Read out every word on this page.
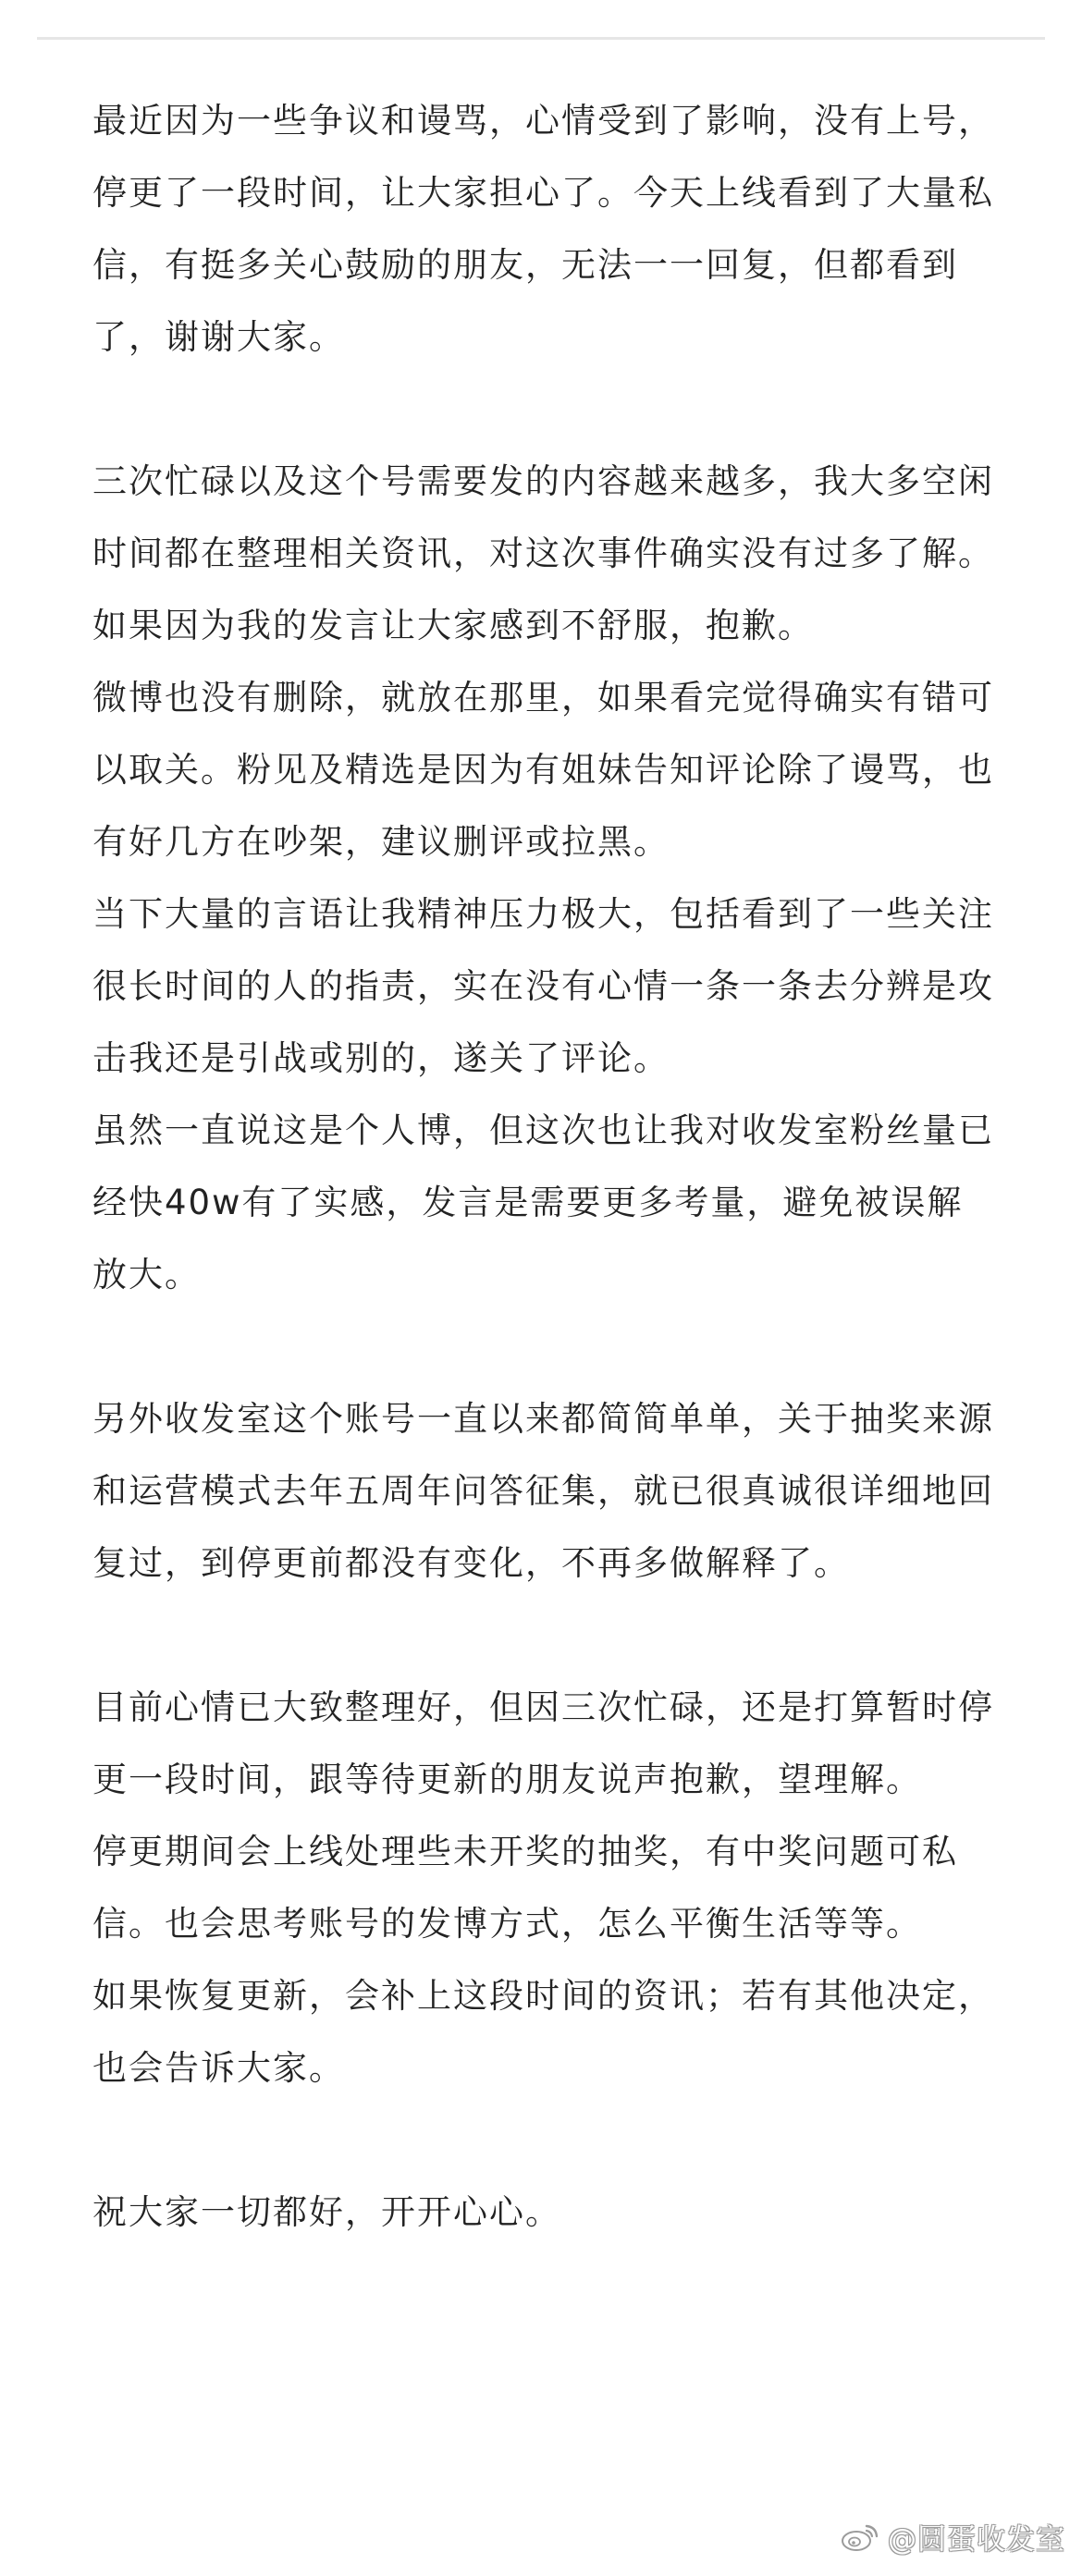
最近因为一些争议和谩骂，心情受到了影响，没有上号，停更了一段时间，让大家担心了。今天上线看到了大量私信，有挺多关心鼓励的朋友，无法一一回复，但都看到了，谢谢大家。

三次忙碌以及这个号需要发的内容越来越多，我大多空闲时间都在整理相关资讯，对这次事件确实没有过多了解。如果因为我的发言让大家感到不舒服，抱歉。

微博也没有删除，就放在那里，如果看完觉得确实有错可以取关。粉见及精选是因为有姐妹告知评论除了谩骂，也有好几方在吵架，建议删评或拉黑。

当下大量的言语让我精神压力极大，包括看到了一些关注很长时间的人的指责，实在没有心情一条一条去分辨是攻击我还是引战或别的，遂关了评论。

虽然一直说这是个人博，但这次也让我对收发室粉丝量已经快40w有了实感，发言是需要更多考量，避免被误解放大。

另外收发室这个账号一直以来都简简单单，关于抽奖来源和运营模式去年五周年问答征集，就已很真诚很详细地回复过，到停更前都没有变化，不再多做解释了。

目前心情已大致整理好，但因三次忙碌，还是打算暂时停更一段时间，跟等待更新的朋友说声抱歉，望理解。

停更期间会上线处理些未开奖的抽奖，有中奖问题可私信。也会思考账号的发博方式，怎么平衡生活等等。

如果恢复更新，会补上这段时间的资讯；若有其他决定，也会告诉大家。

祝大家一切都好，开开心心。

@圆蛋收发室
